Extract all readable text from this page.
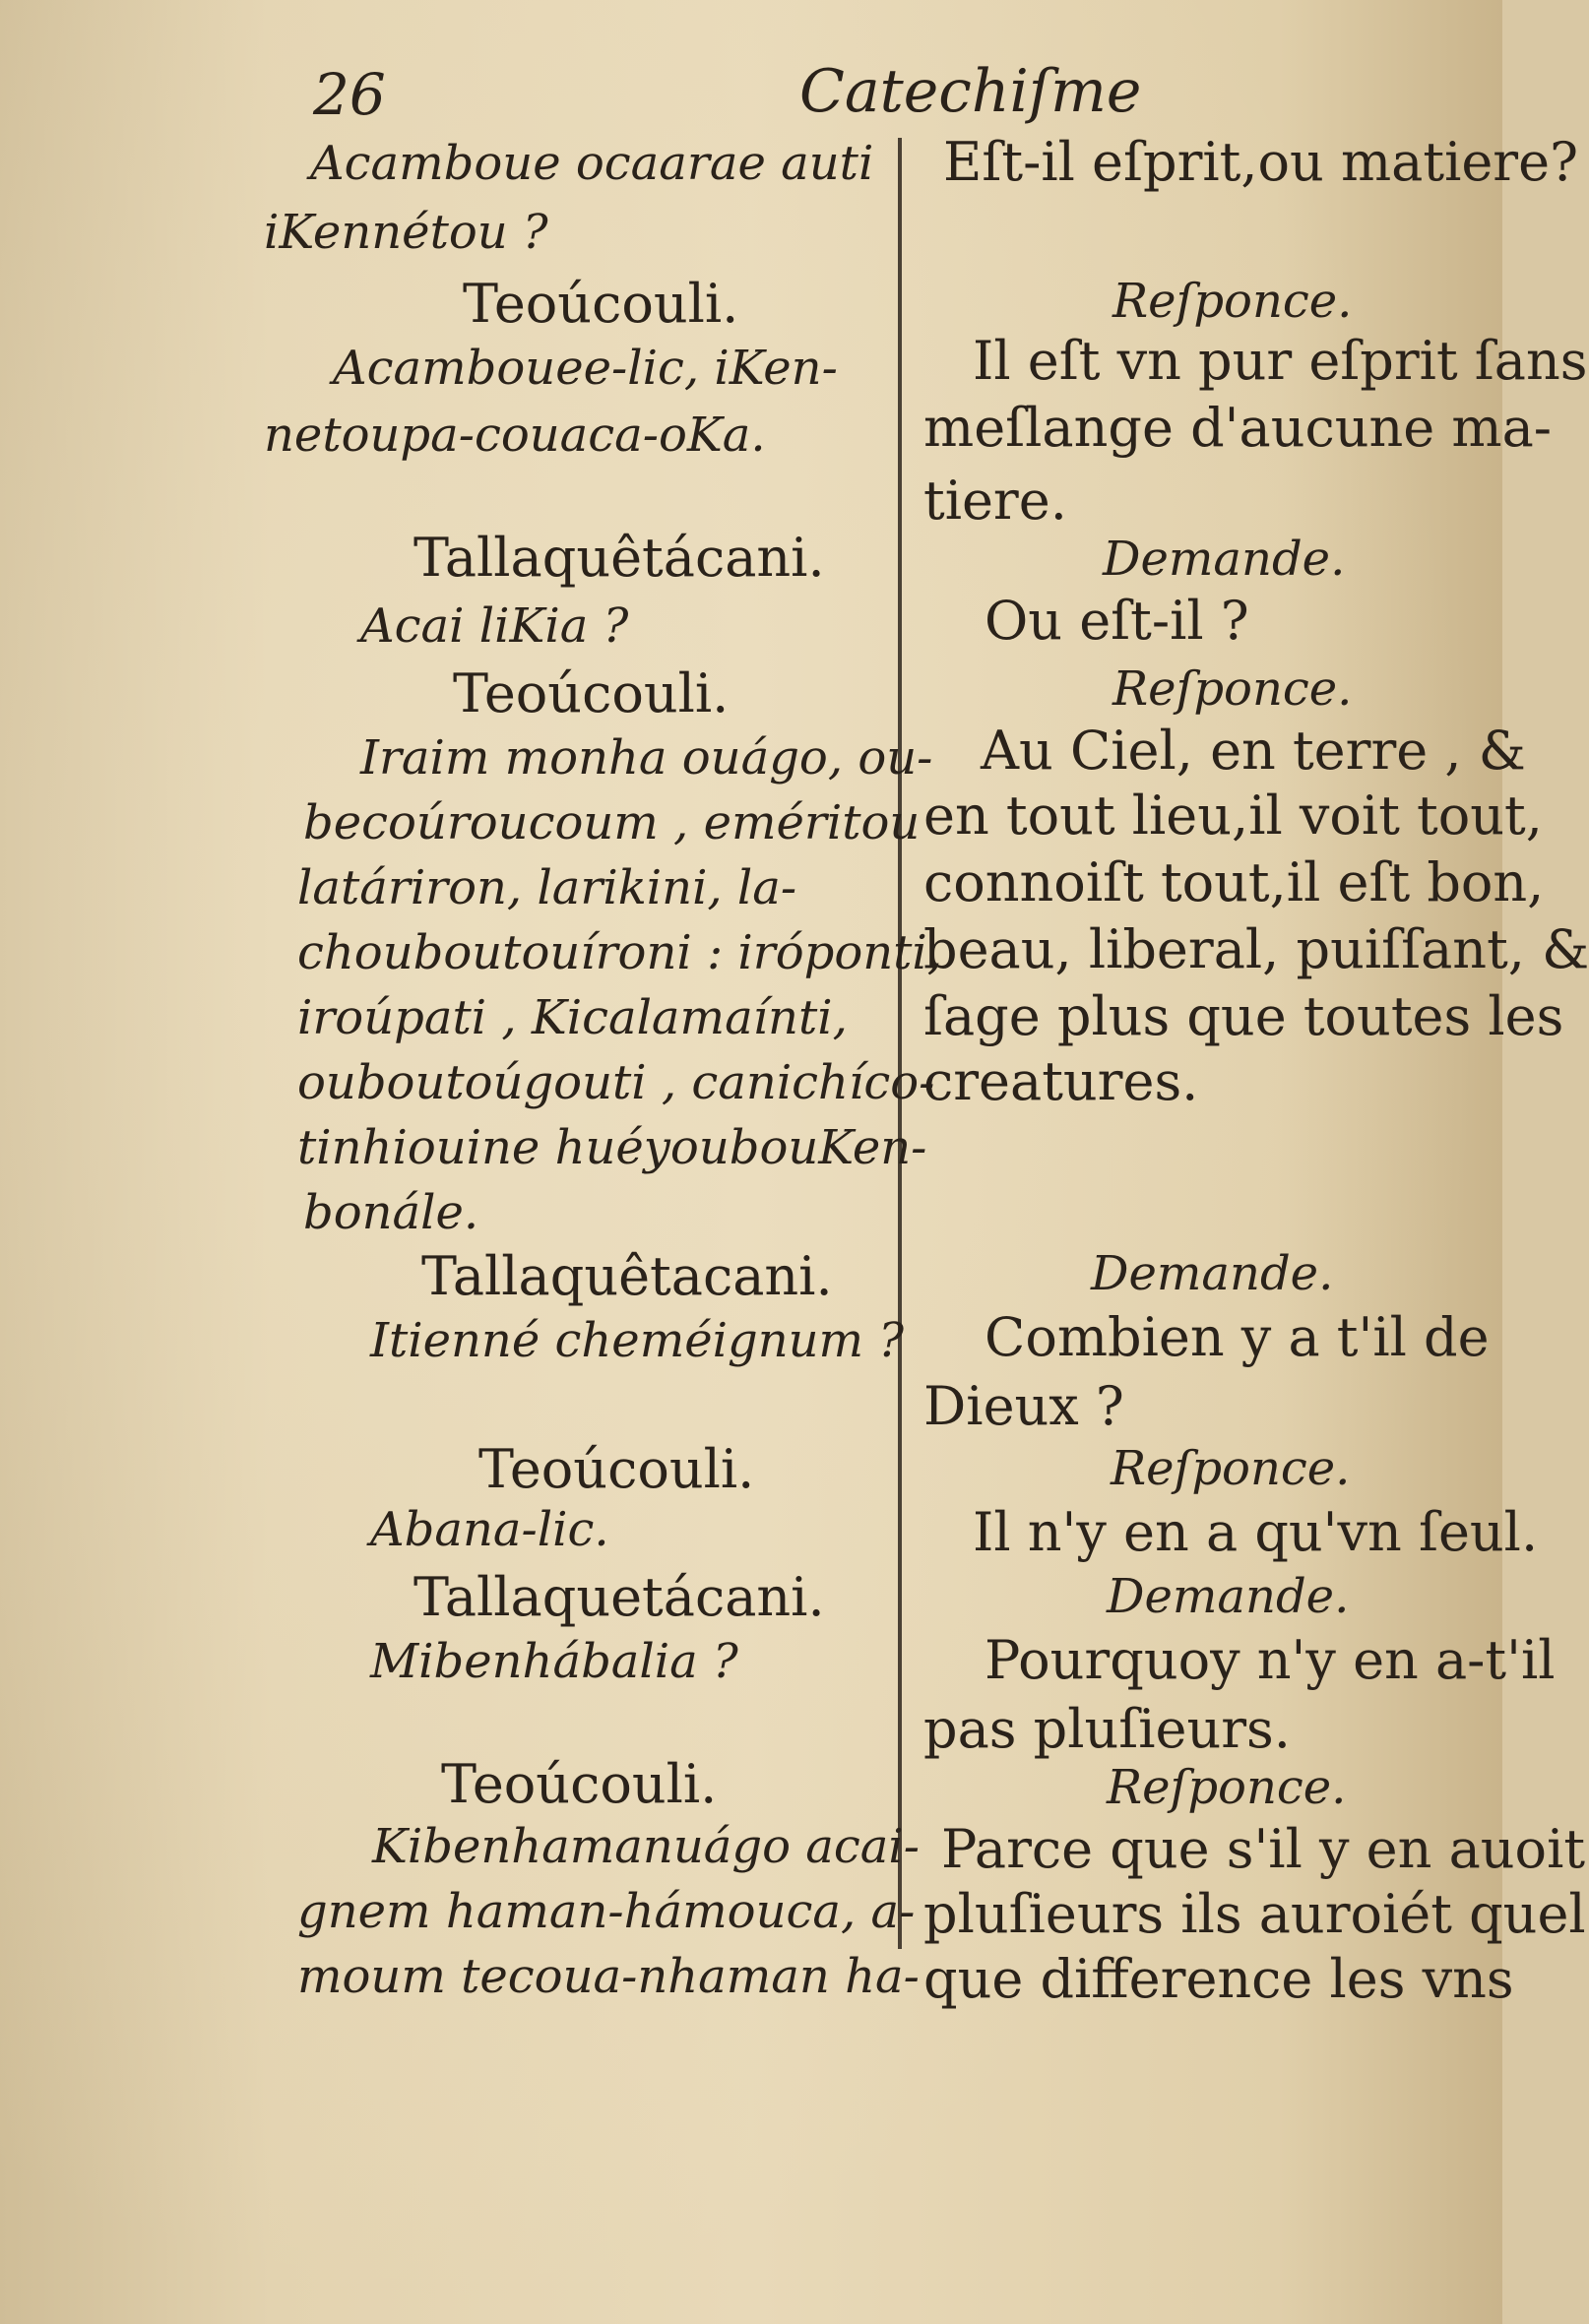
26	Catechiſme
Acamboue ocaarae auti
iKennétou ?
Teoúcouli.
Acambouee-lic, iKen-
netoupa-couaca-oKa.
Tallaquêtácani.
Acai liKia ?
Teoúcouli.
Iraim monha ouágo, ou-
becoúroucoum , eméritou
latáriron, larikini, la-
chouboutouíroni : iróponti,
iroúpati , Kicalamaínti,
ouboutoúgouti , canichíco-
tinhiouine huéyoubouKen-
bonále.
Tallaquêtacani.
Itienné cheméignum ?
Teoúcouli.
Abana-lic.
Tallaquetácani.
Mibenhábalia ?
Teoúcouli.
Kibenhamanuágo acai-
gnem haman-hámouca, a-
moum tecoua-nhaman ha-
Eſt-il eſprit,ou matiere?
Reſponce.
Il eſt vn pur eſprit ſans
meſlange d'aucune ma-
tiere.
Demande.
Ou eſt-il ?
Reſponce.
Au Ciel, en terre , &
en tout lieu,il voit tout,
connoiſt tout,il eſt bon,
beau, liberal, puiſſant, &
ſage plus que toutes les
creatures.
Demande.
Combien y a t'il de
Dieux ?
Reſponce.
Il n'y en a qu'vn ſeul.
Demande.
Pourquoy n'y en a-t'il
pas pluſieurs.
Reſponce.
Parce que s'il y en auoit
pluſieurs ils auroiét quel
que difference les vns
